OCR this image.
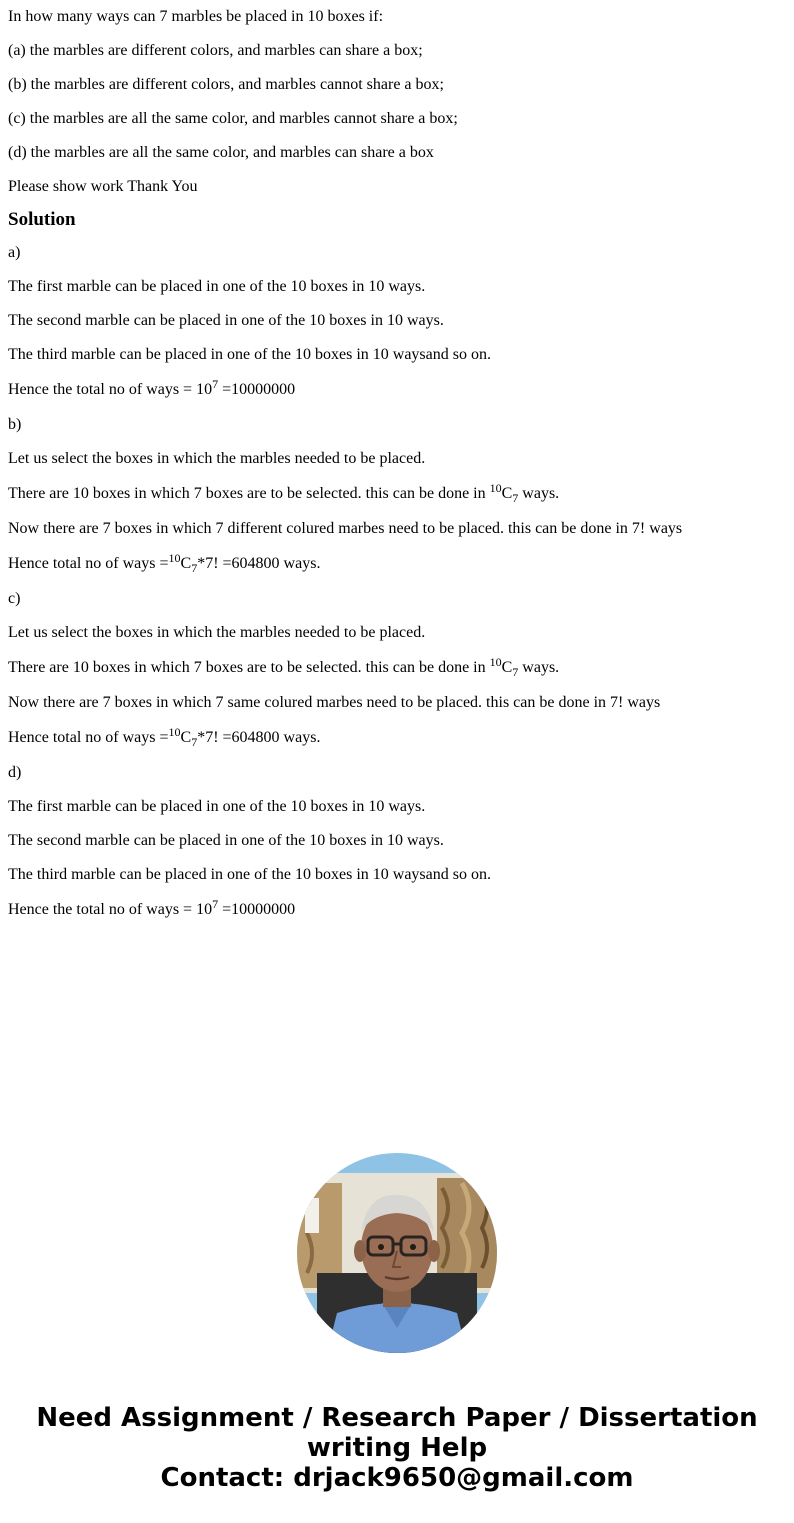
In how many ways can 7 marbles be placed in 10 boxes if:

(a) the marbles are different colors, and marbles can share a box;

(b) the marbles are different colors, and marbles cannot share a box;

(c) the marbles are all the same color, and marbles cannot share a box;

(d) the marbles are all the same color, and marbles can share a box

Please show work Thank You

Solution

a)

The first marble can be placed in one of the 10 boxes in 10 ways.

The second marble can be placed in one of the 10 boxes in 10 ways.

The third marble can be placed in one of the 10 boxes in 10 waysand so on.

Hence the total no of ways = $10^7 =10000000$

b)

Let us select the boxes in which the marbles needed to be placed.

There are 10 boxes in which 7 boxes are to be selected. this can be done in $^{10}C_7$ ways.

Now there are 7 boxes in which 7 different colured marbes need to be placed. this can be done in 7! ways

Hence total no of ways $=^{10}C_7*7$! =604800 ways.

c)

Let us select the boxes in which the marbles needed to be placed.

There are 10 boxes in which 7 boxes are to be selected. this can be done in $^{10}C_7$ ways.

Now there are 7 boxes in which 7 same colured marbes need to be placed. this can be done in 7! ways

Hence total no of ways $=^{10}C_7*7$! =604800 ways.

d)

The first marble can be placed in one of the 10 boxes in 10 ways.

The second marble can be placed in one of the 10 boxes in 10 ways.

The third marble can be placed in one of the 10 boxes in 10 waysand so on.

Hence the total no of ways = $10^7 =10000000$

Need Assignment / Research Paper / Dissertation
writing Help
Contact: drjack9650@gmail.com
